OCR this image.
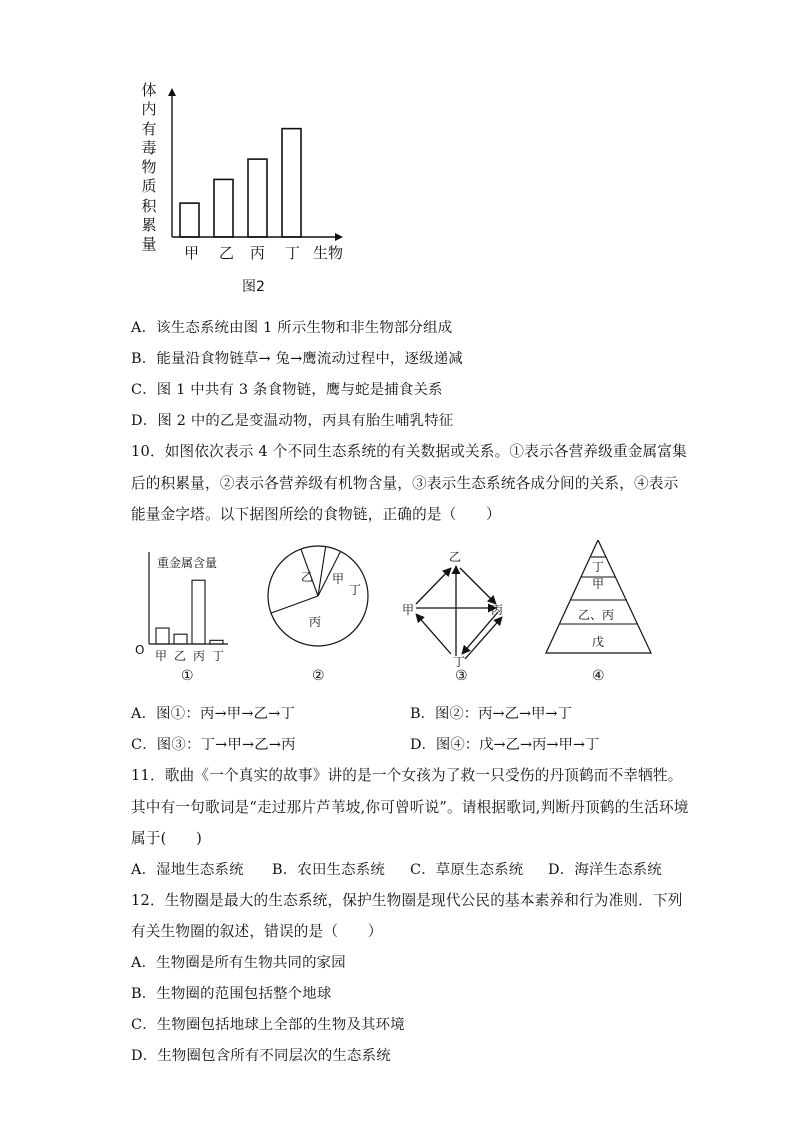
体
内
有
毒
物
质
积
累
量 甲 乙 丙 丁 生物
图2
A．该生态系统由图 1 所示生物和非生物部分组成
B．能量沿食物链草→ 兔→鹰流动过程中，逐级递减
C．图 1 中共有 3 条食物链，鹰与蛇是捕食关系
D．图 2 中的乙是变温动物，丙具有胎生哺乳特征
10．如图依次表示 4 个不同生态系统的有关数据或关系。①表示各营养级重金属富集
后的积累量，②表示各营养级有机物含量，③表示生态系统各成分间的关系，④表示
能量金字塔。以下据图所绘的食物链，正确的是（　　）
重金属含量
O 甲 乙 丙 丁
乙 甲
丁
丙
乙
甲	丙
丁
丁
甲
乙、丙
戊
①	②	③	④
A．图①：丙→甲→乙→丁	B．图②：丙→乙→甲→丁
C．图③：丁→甲→乙→丙	D．图④：戊→乙→丙→甲→丁
11．歌曲《一个真实的故事》讲的是一个女孩为了救一只受伤的丹顶鹤而不幸牺牲。
其中有一句歌词是“走过那片芦苇坡,你可曾听说”。请根据歌词,判断丹顶鹤的生活环境
属于(　　)
A．湿地生态系统 B．农田生态系统 C．草原生态系统 D．海洋生态系统
12．生物圈是最大的生态系统，保护生物圈是现代公民的基本素养和行为准则．下列
有关生物圈的叙述，错误的是（　　）
A．生物圈是所有生物共同的家园
B．生物圈的范围包括整个地球
C．生物圈包括地球上全部的生物及其环境
D．生物圈包含所有不同层次的生态系统
